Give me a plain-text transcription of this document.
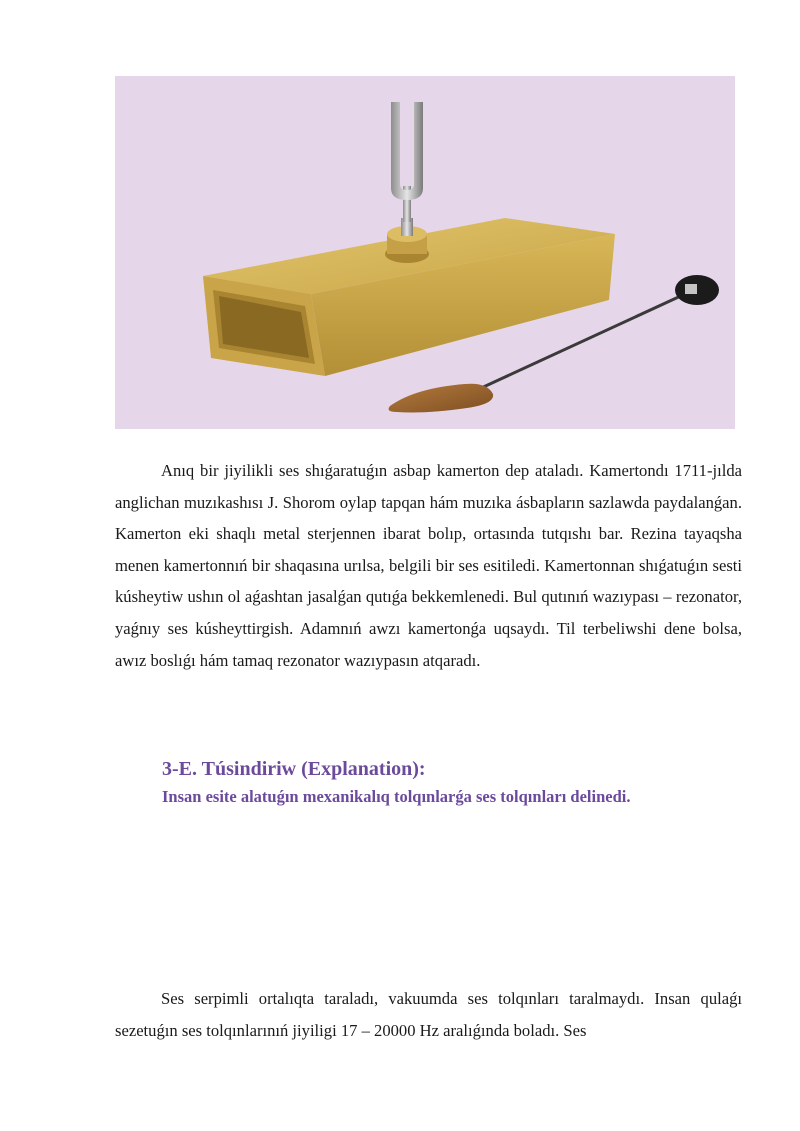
Anıq bir jiyilikli ses shıǵaratuǵın asbap kamerton dep ataladı. Kamertondı 1711-jılda anglichan muzıkashısı J. Shorom oylap tapqan hám muzıka ásbapların sazlawda paydalanǵan. Kamerton eki shaqlı metal sterjennen ibarat bolıp, ortasında tutqıshı bar. Rezina tayaqsha menen kamertonnıń bir shaqasına urılsa, belgili bir ses esitiledi. Kamertonnan shıǵatuǵın sesti kúsheytiw ushın ol aǵashtan jasalǵan qutıǵa bekkemlenedi. Bul qutınıń wazıypası – rezonator, yaǵnıy ses kúsheyttirgish. Adamnıń awzı kamertonǵa uqsaydı. Til terbeliwshi dene bolsa, awız boslıǵı hám tamaq rezonator wazıypasın atqaradı.

3-E. Túsindiriw (Explanation):
Insan esite alatuǵın mexanikalıq tolqınlarǵa ses tolqınları delinedi.

Ses serpimli ortalıqta taraladı, vakuumda ses tolqınları taralmaydı. Insan qulaǵı sezetuǵın ses tolqınlarınıń jiyiligi 17 – 20000 Hz aralıǵında boladı. Ses
